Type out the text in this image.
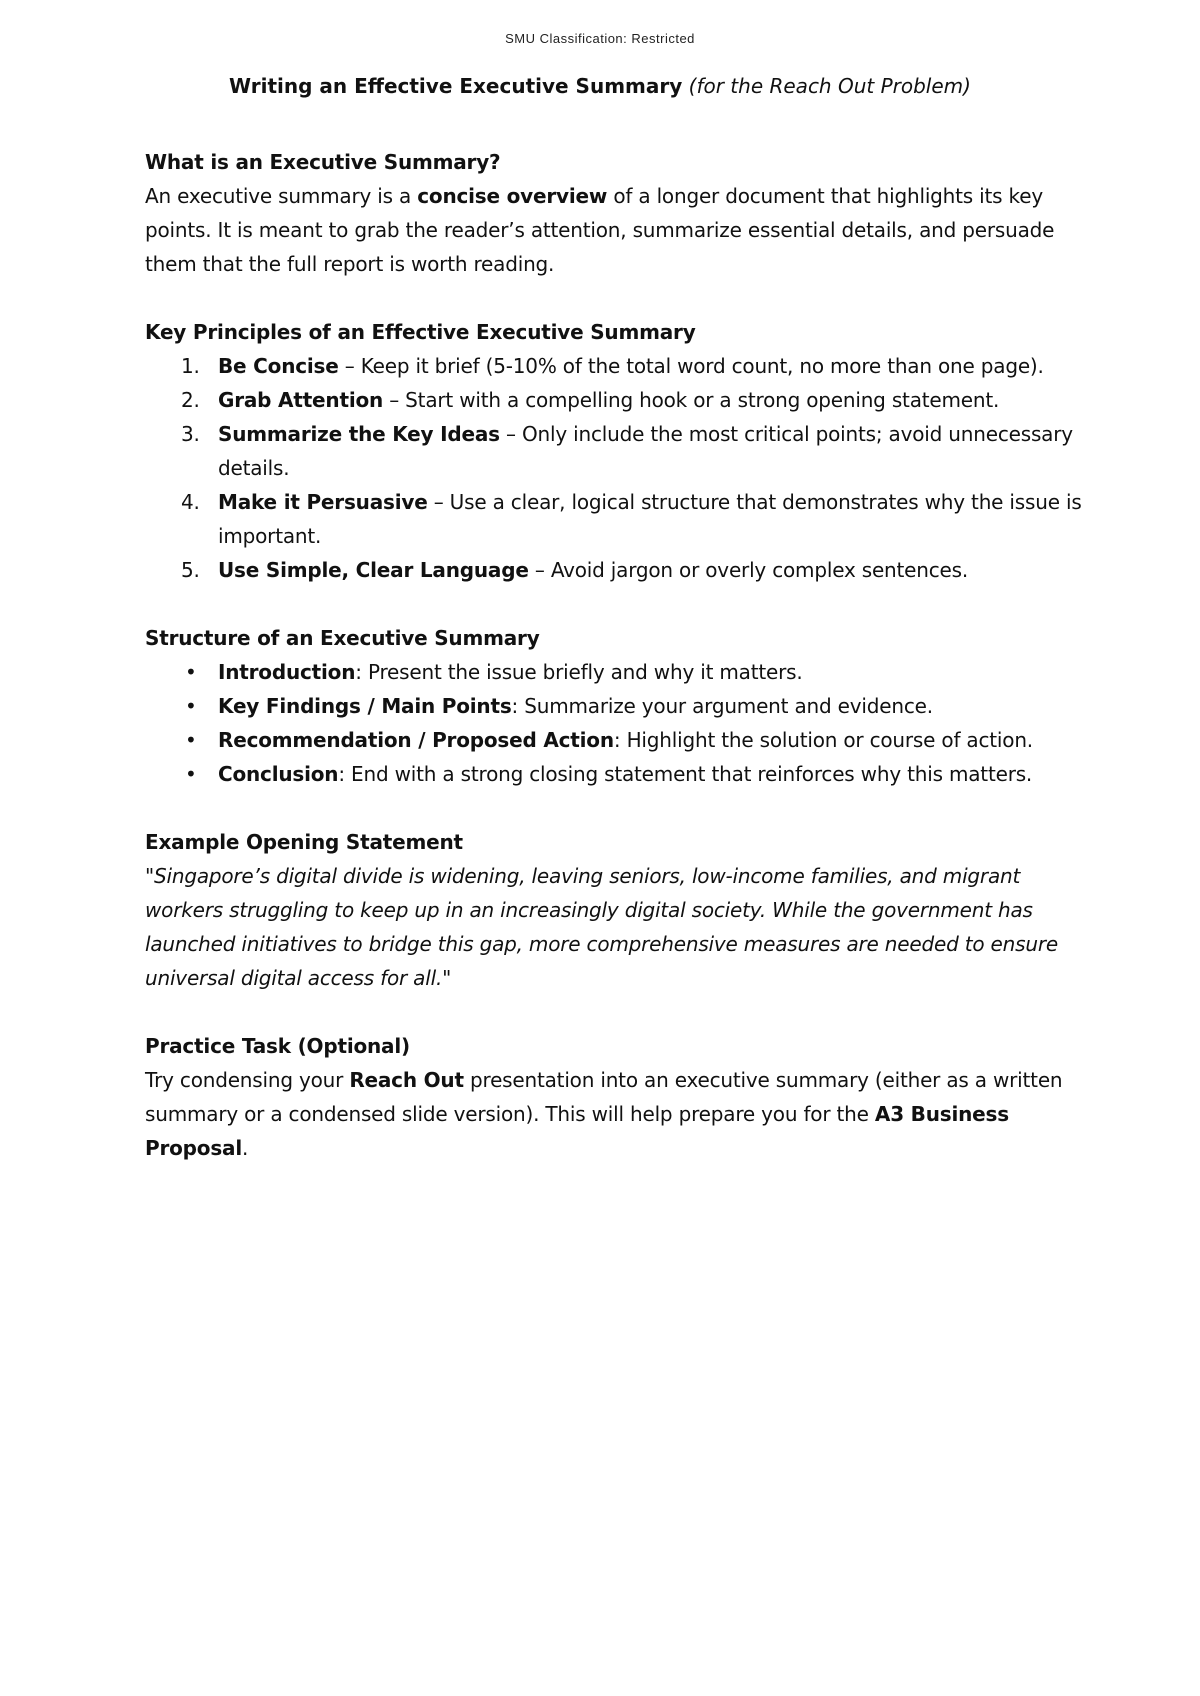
SMU Classification: Restricted
Writing an Effective Executive Summary (for the Reach Out Problem)

What is an Executive Summary?

An executive summary is a concise overview of a longer document that highlights its key points. It is meant to grab the reader’s attention, summarize essential details, and persuade them that the full report is worth reading.

Key Principles of an Effective Executive Summary

1. Be Concise – Keep it brief (5-10% of the total word count, no more than one page).
2. Grab Attention – Start with a compelling hook or a strong opening statement.
3. Summarize the Key Ideas – Only include the most critical points; avoid unnecessary details.
4. Make it Persuasive – Use a clear, logical structure that demonstrates why the issue is important.
5. Use Simple, Clear Language – Avoid jargon or overly complex sentences.

Structure of an Executive Summary

• Introduction: Present the issue briefly and why it matters.
• Key Findings / Main Points: Summarize your argument and evidence.
• Recommendation / Proposed Action: Highlight the solution or course of action.
• Conclusion: End with a strong closing statement that reinforces why this matters.

Example Opening Statement

"Singapore’s digital divide is widening, leaving seniors, low-income families, and migrant workers struggling to keep up in an increasingly digital society. While the government has launched initiatives to bridge this gap, more comprehensive measures are needed to ensure universal digital access for all."

Practice Task (Optional)

Try condensing your Reach Out presentation into an executive summary (either as a written summary or a condensed slide version). This will help prepare you for the A3 Business Proposal.
